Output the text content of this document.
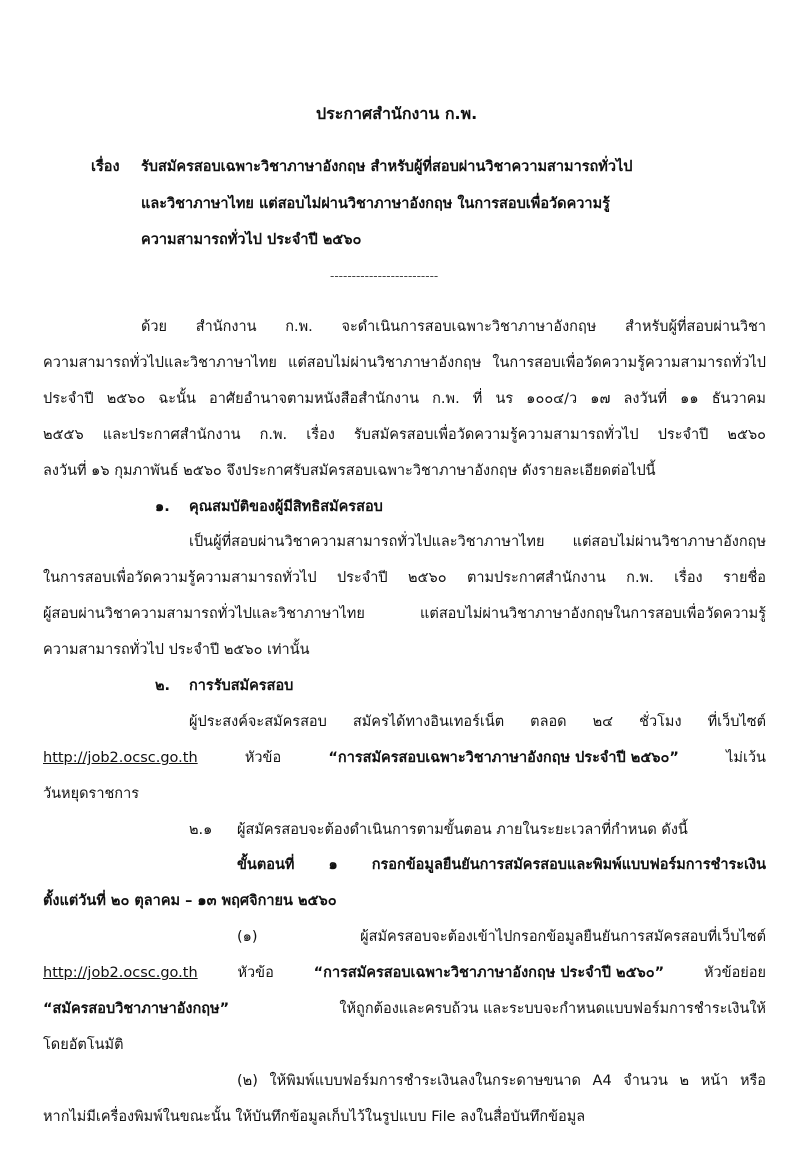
ประกาศสำนักงาน ก.พ.
เรื่อง รับสมัครสอบเฉพาะวิชาภาษาอังกฤษ สำหรับผู้ที่สอบผ่านวิชาความสามารถทั่วไป
และวิชาภาษาไทย แต่สอบไม่ผ่านวิชาภาษาอังกฤษ ในการสอบเพื่อวัดความรู้
ความสามารถทั่วไป ประจำปี ๒๕๖๐
-------------------------
ด้วย สำนักงาน ก.พ. จะดำเนินการสอบเฉพาะวิชาภาษาอังกฤษ สำหรับผู้ที่สอบผ่านวิชา
ความสามารถทั่วไปและวิชาภาษาไทย แต่สอบไม่ผ่านวิชาภาษาอังกฤษ ในการสอบเพื่อวัดความรู้ความสามารถทั่วไป
ประจำปี ๒๕๖๐ ฉะนั้น อาศัยอำนาจตามหนังสือสำนักงาน ก.พ. ที่ นร ๑๐๐๔/ว ๑๗ ลงวันที่ ๑๑ ธันวาคม
๒๕๕๖ และประกาศสำนักงาน ก.พ. เรื่อง รับสมัครสอบเพื่อวัดความรู้ความสามารถทั่วไป ประจำปี ๒๕๖๐
ลงวันที่ ๑๖ กุมภาพันธ์ ๒๕๖๐ จึงประกาศรับสมัครสอบเฉพาะวิชาภาษาอังกฤษ ดังรายละเอียดต่อไปนี้
๑. คุณสมบัติของผู้มีสิทธิสมัครสอบ
เป็นผู้ที่สอบผ่านวิชาความสามารถทั่วไปและวิชาภาษาไทย แต่สอบไม่ผ่านวิชาภาษาอังกฤษ
ในการสอบเพื่อวัดความรู้ความสามารถทั่วไป ประจำปี ๒๕๖๐ ตามประกาศสำนักงาน ก.พ. เรื่อง รายชื่อ
ผู้สอบผ่านวิชาความสามารถทั่วไปและวิชาภาษาไทย แต่สอบไม่ผ่านวิชาภาษาอังกฤษในการสอบเพื่อวัดความรู้
ความสามารถทั่วไป ประจำปี ๒๕๖๐ เท่านั้น
๒. การรับสมัครสอบ
ผู้ประสงค์จะสมัครสอบ สมัครได้ทางอินเทอร์เน็ต ตลอด ๒๔ ชั่วโมง ที่เว็บไซต์
http://job2.ocsc.go.th	หัวข้อ	“การสมัครสอบเฉพาะวิชาภาษาอังกฤษ ประจำปี ๒๕๖๐”	ไม่เว้น
วันหยุดราชการ
๒.๑ ผู้สมัครสอบจะต้องดำเนินการตามขั้นตอน ภายในระยะเวลาที่กำหนด ดังนี้
ขั้นตอนที่ ๑ กรอกข้อมูลยืนยันการสมัครสอบและพิมพ์แบบฟอร์มการชำระเงิน
ตั้งแต่วันที่ ๒๐ ตุลาคม – ๑๓ พฤศจิกายน ๒๕๖๐
(๑) ผู้สมัครสอบจะต้องเข้าไปกรอกข้อมูลยืนยันการสมัครสอบที่เว็บไซต์
http://job2.ocsc.go.th	หัวข้อ	“การสมัครสอบเฉพาะวิชาภาษาอังกฤษ ประจำปี ๒๕๖๐”	หัวข้อย่อย
“สมัครสอบวิชาภาษาอังกฤษ”	ให้ถูกต้องและครบถ้วน และระบบจะกำหนดแบบฟอร์มการชำระเงินให้
โดยอัตโนมัติ
(๒) ให้พิมพ์แบบฟอร์มการชำระเงินลงในกระดาษขนาด A4 จำนวน ๒ หน้า หรือ
หากไม่มีเครื่องพิมพ์ในขณะนั้น ให้บันทึกข้อมูลเก็บไว้ในรูปแบบ File ลงในสื่อบันทึกข้อมูล
